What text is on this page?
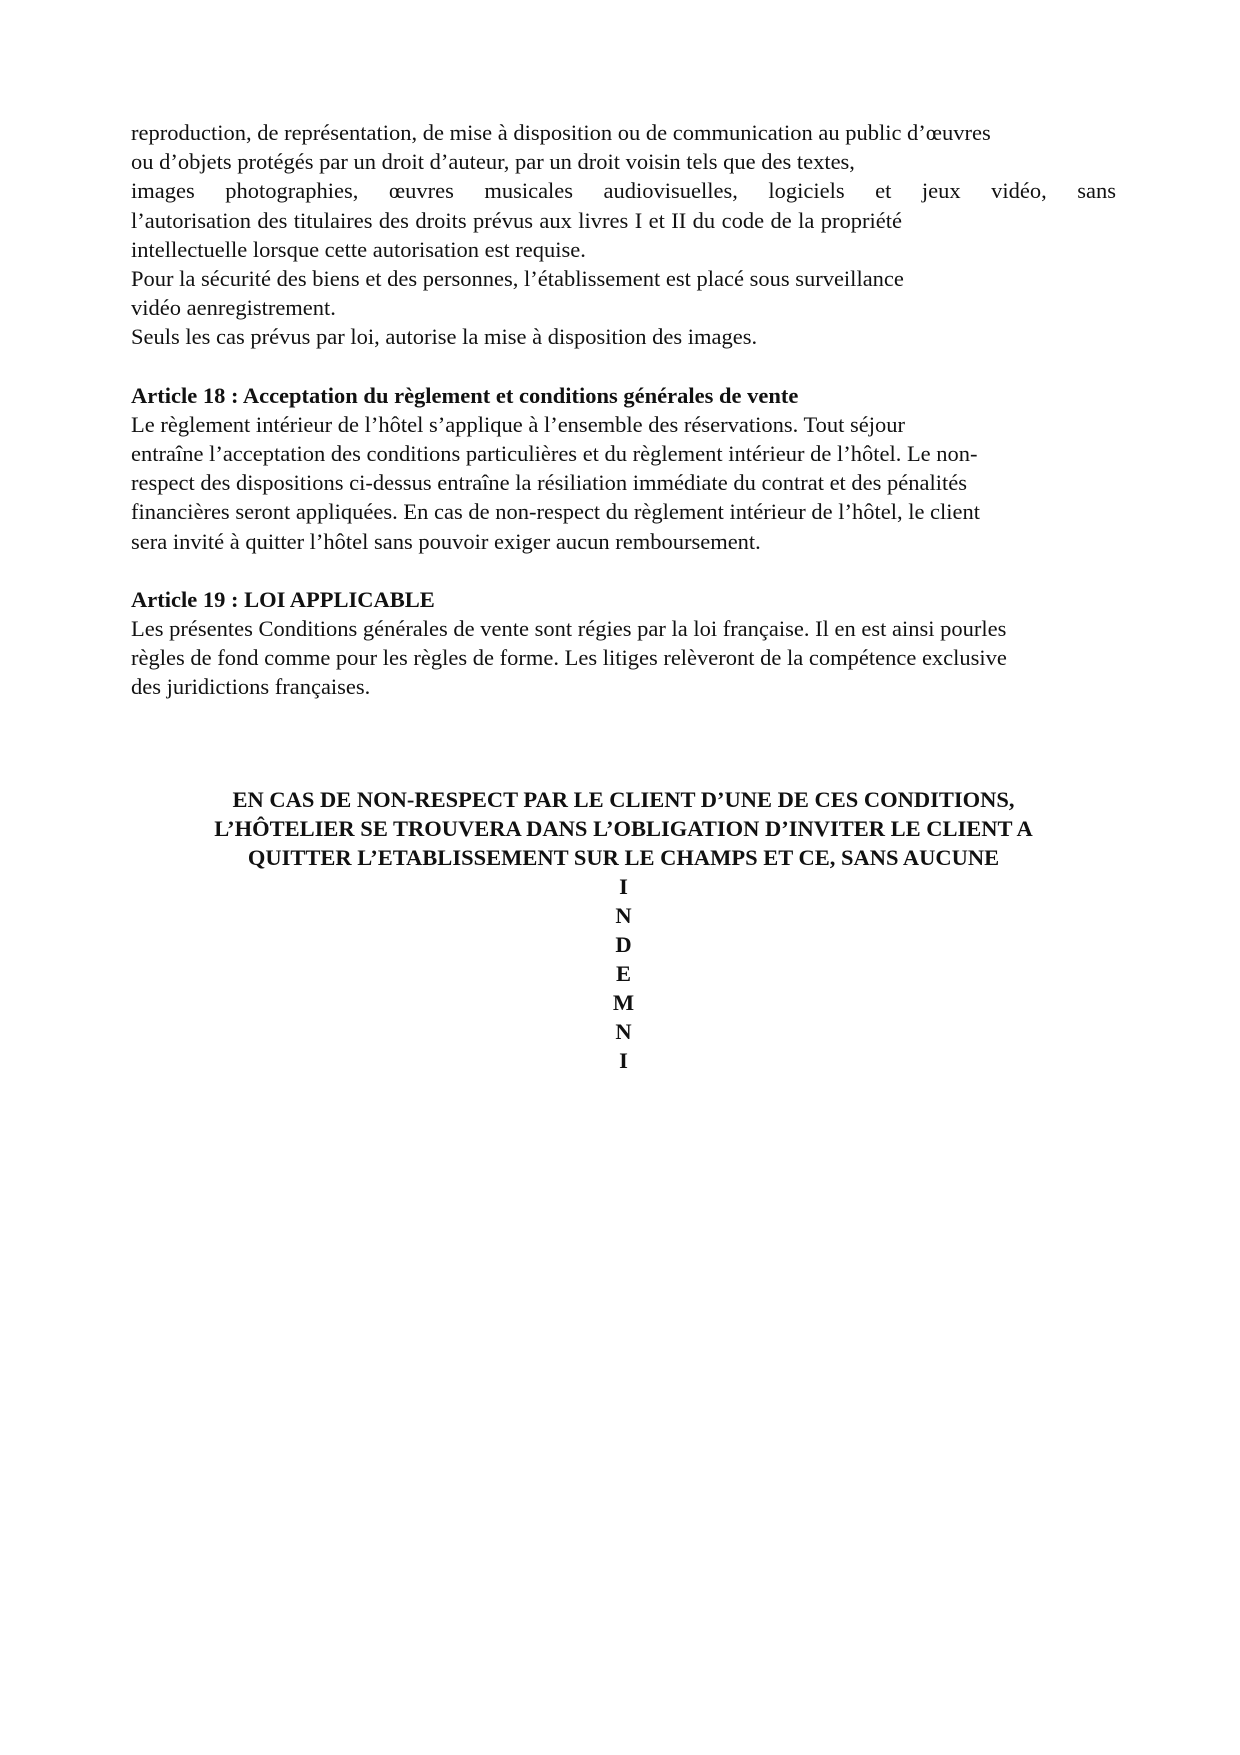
reproduction, de représentation, de mise à disposition ou de communication au public d’œuvres
ou d’objets protégés par un droit d’auteur, par un droit voisin tels que des textes,
images photographies, œuvres musicales audiovisuelles, logiciels et jeux vidéo, sans
l’autorisation des titulaires des droits prévus aux livres I et II du code de la propriété
intellectuelle lorsque cette autorisation est requise.
Pour la sécurité des biens et des personnes, l’établissement est placé sous surveillance
vidéo aenregistrement.
Seuls les cas prévus par loi, autorise la mise à disposition des images.
Article 18 : Acceptation du règlement et conditions générales de vente
Le règlement intérieur de l’hôtel s’applique à l’ensemble des réservations. Tout séjour
entraîne l’acceptation des conditions particulières et du règlement intérieur de l’hôtel. Le non-
respect des dispositions ci-dessus entraîne la résiliation immédiate du contrat et des pénalités
financières seront appliquées. En cas de non-respect du règlement intérieur de l’hôtel, le client
sera invité à quitter l’hôtel sans pouvoir exiger aucun remboursement.
Article 19 : LOI APPLICABLE
Les présentes Conditions générales de vente sont régies par la loi française. Il en est ainsi pourles
règles de fond comme pour les règles de forme. Les litiges relèveront de la compétence exclusive
des juridictions françaises.
EN CAS DE NON-RESPECT PAR LE CLIENT D’UNE DE CES CONDITIONS,
L’HÔTELIER SE TROUVERA DANS L’OBLIGATION D’INVITER LE CLIENT A
QUITTER L’ETABLISSEMENT SUR LE CHAMPS ET CE, SANS AUCUNE
I
N
D
E
M
N
I
